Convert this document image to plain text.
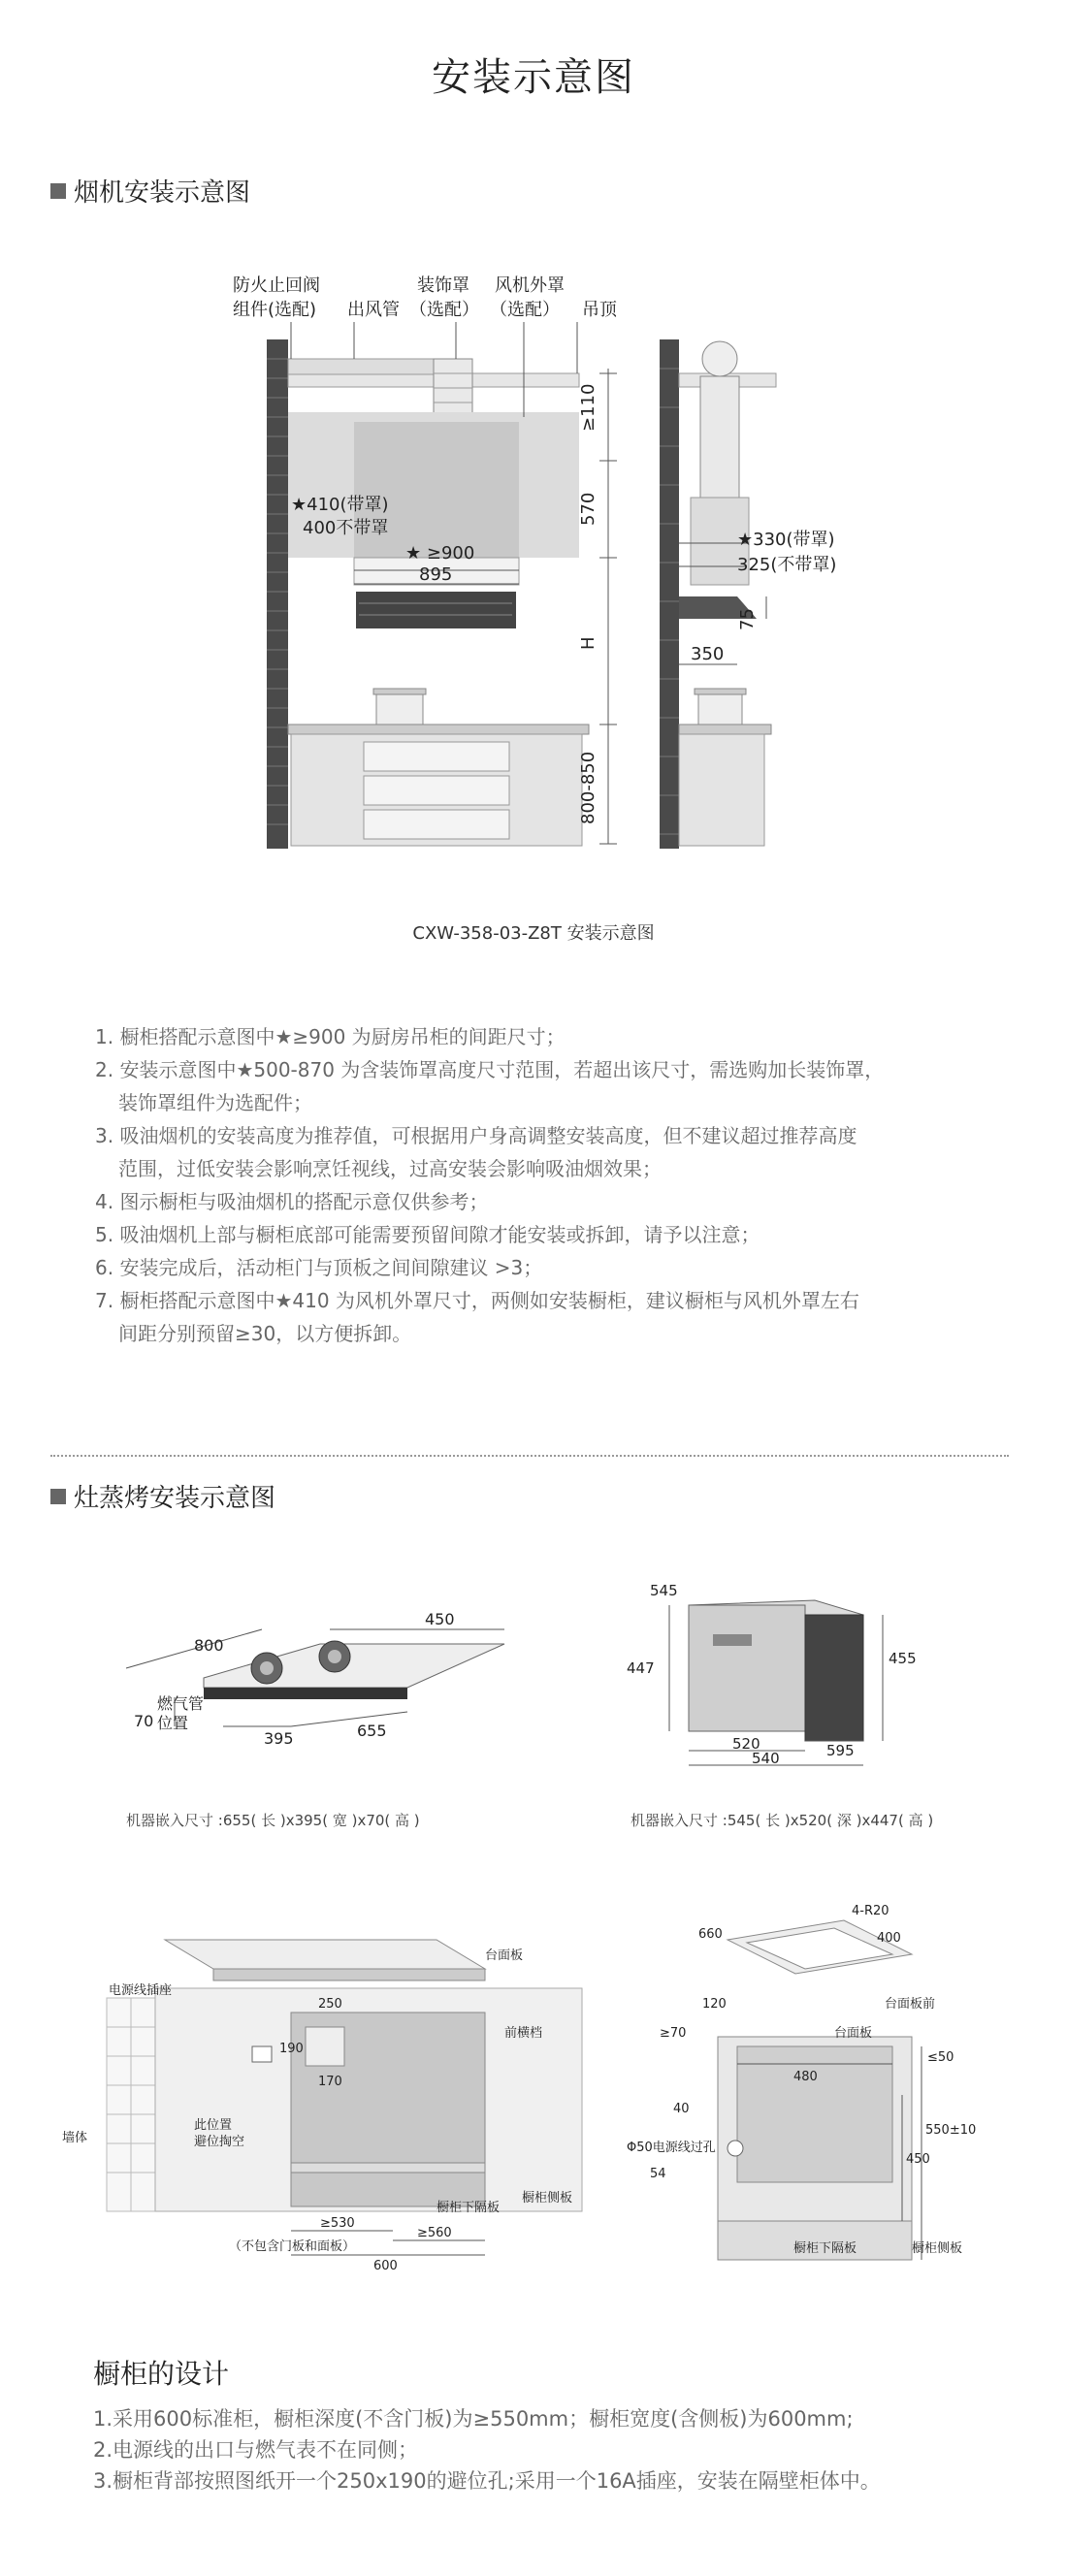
安装示意图
烟机安装示意图
防火止回阀
组件(选配) 出风管
装饰罩
（选配）
风机外罩
（选配） 吊顶
★410(带罩)
400不带罩
★ ≥900
895
≥110
570
H
800-850
★330(带罩)
325(不带罩)
75
350
CXW-358-03-Z8T 安装示意图
1. 橱柜搭配示意图中★≥900 为厨房吊柜的间距尺寸；
2. 安装示意图中★500-870 为含装饰罩高度尺寸范围，若超出该尺寸，需选购加长装饰罩，
装饰罩组件为选配件；
3. 吸油烟机的安装高度为推荐值，可根据用户身高调整安装高度，但不建议超过推荐高度
范围，过低安装会影响烹饪视线，过高安装会影响吸油烟效果；
4. 图示橱柜与吸油烟机的搭配示意仅供参考；
5. 吸油烟机上部与橱柜底部可能需要预留间隙才能安装或拆卸，请予以注意；
6. 安装完成后，活动柜门与顶板之间间隙建议 >3；
7. 橱柜搭配示意图中★410 为风机外罩尺寸，两侧如安装橱柜，建议橱柜与风机外罩左右
间距分别预留≥30，以方便拆卸。
灶蒸烤安装示意图
800
450
70
燃气管
位置
395	655
机器嵌入尺寸 :655( 长 )x395( 宽 )x70( 高 )
545
447
455
520
540	595
机器嵌入尺寸 :545( 长 )x520( 深 )x447( 高 )
台面板
电源线插座
250
190
170
前横档
墙体
此位置
避位掏空
橱柜侧板
橱柜下隔板
≥530
（不包含门板和面板）
≥560
600
660
4-R20
400
120	台面板前
台面板
≥70
≤50
480
40
Φ50电源线过孔
54
550±10
450
橱柜下隔板	橱柜侧板
橱柜的设计
1.采用600标准柜，橱柜深度(不含门板)为≥550mm；橱柜宽度(含侧板)为600mm;
2.电源线的出口与燃气表不在同侧；
3.橱柜背部按照图纸开一个250x190的避位孔;采用一个16A插座，安装在隔壁柜体中。
